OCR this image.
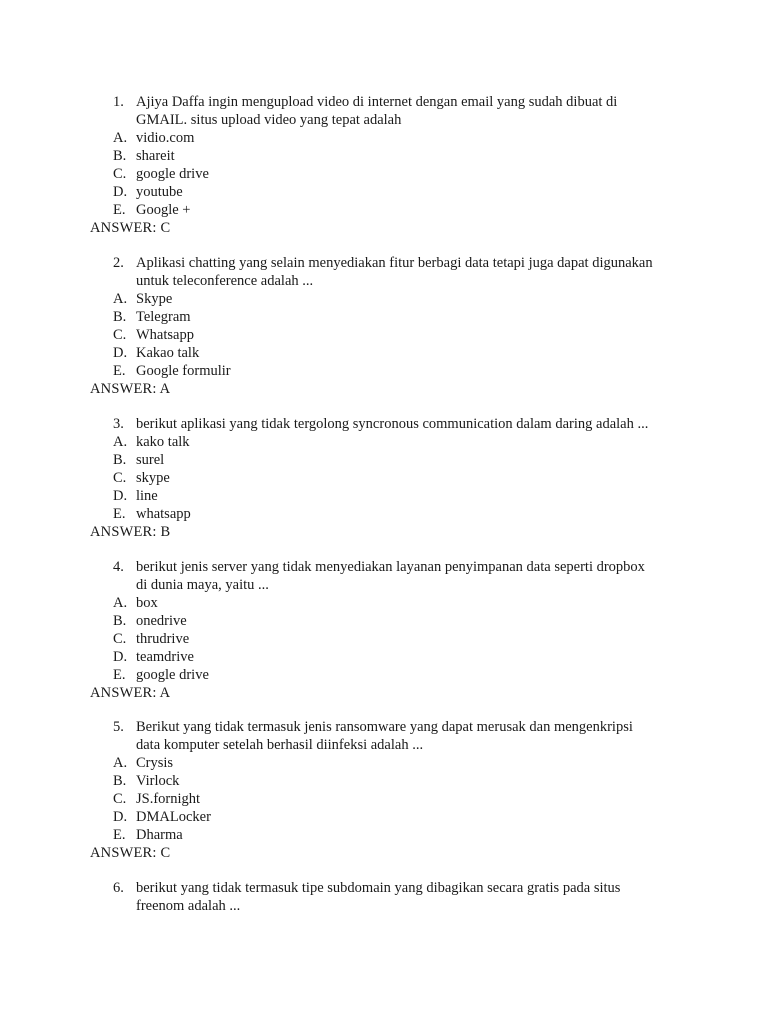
1. Ajiya Daffa ingin mengupload video di internet dengan email yang sudah dibuat di
GMAIL. situs upload video yang tepat adalah
A. vidio.com
B. shareit
C. google drive
D. youtube
E. Google +
ANSWER: C
2. Aplikasi chatting yang selain menyediakan fitur berbagi data tetapi juga dapat digunakan
untuk teleconference adalah ...
A. Skype
B. Telegram
C. Whatsapp
D. Kakao talk
E. Google formulir
ANSWER: A
3. berikut aplikasi yang tidak tergolong syncronous communication dalam daring adalah ...
A. kako talk
B. surel
C. skype
D. line
E. whatsapp
ANSWER: B
4. berikut jenis server yang tidak menyediakan layanan penyimpanan data seperti dropbox
di dunia maya, yaitu ...
A. box
B. onedrive
C. thrudrive
D. teamdrive
E. google drive
ANSWER: A
5. Berikut yang tidak termasuk jenis ransomware yang dapat merusak dan mengenkripsi
data komputer setelah berhasil diinfeksi adalah ...
A. Crysis
B. Virlock
C. JS.fornight
D. DMALocker
E. Dharma
ANSWER: C
6. berikut yang tidak termasuk tipe subdomain yang dibagikan secara gratis pada situs
freenom adalah ...
